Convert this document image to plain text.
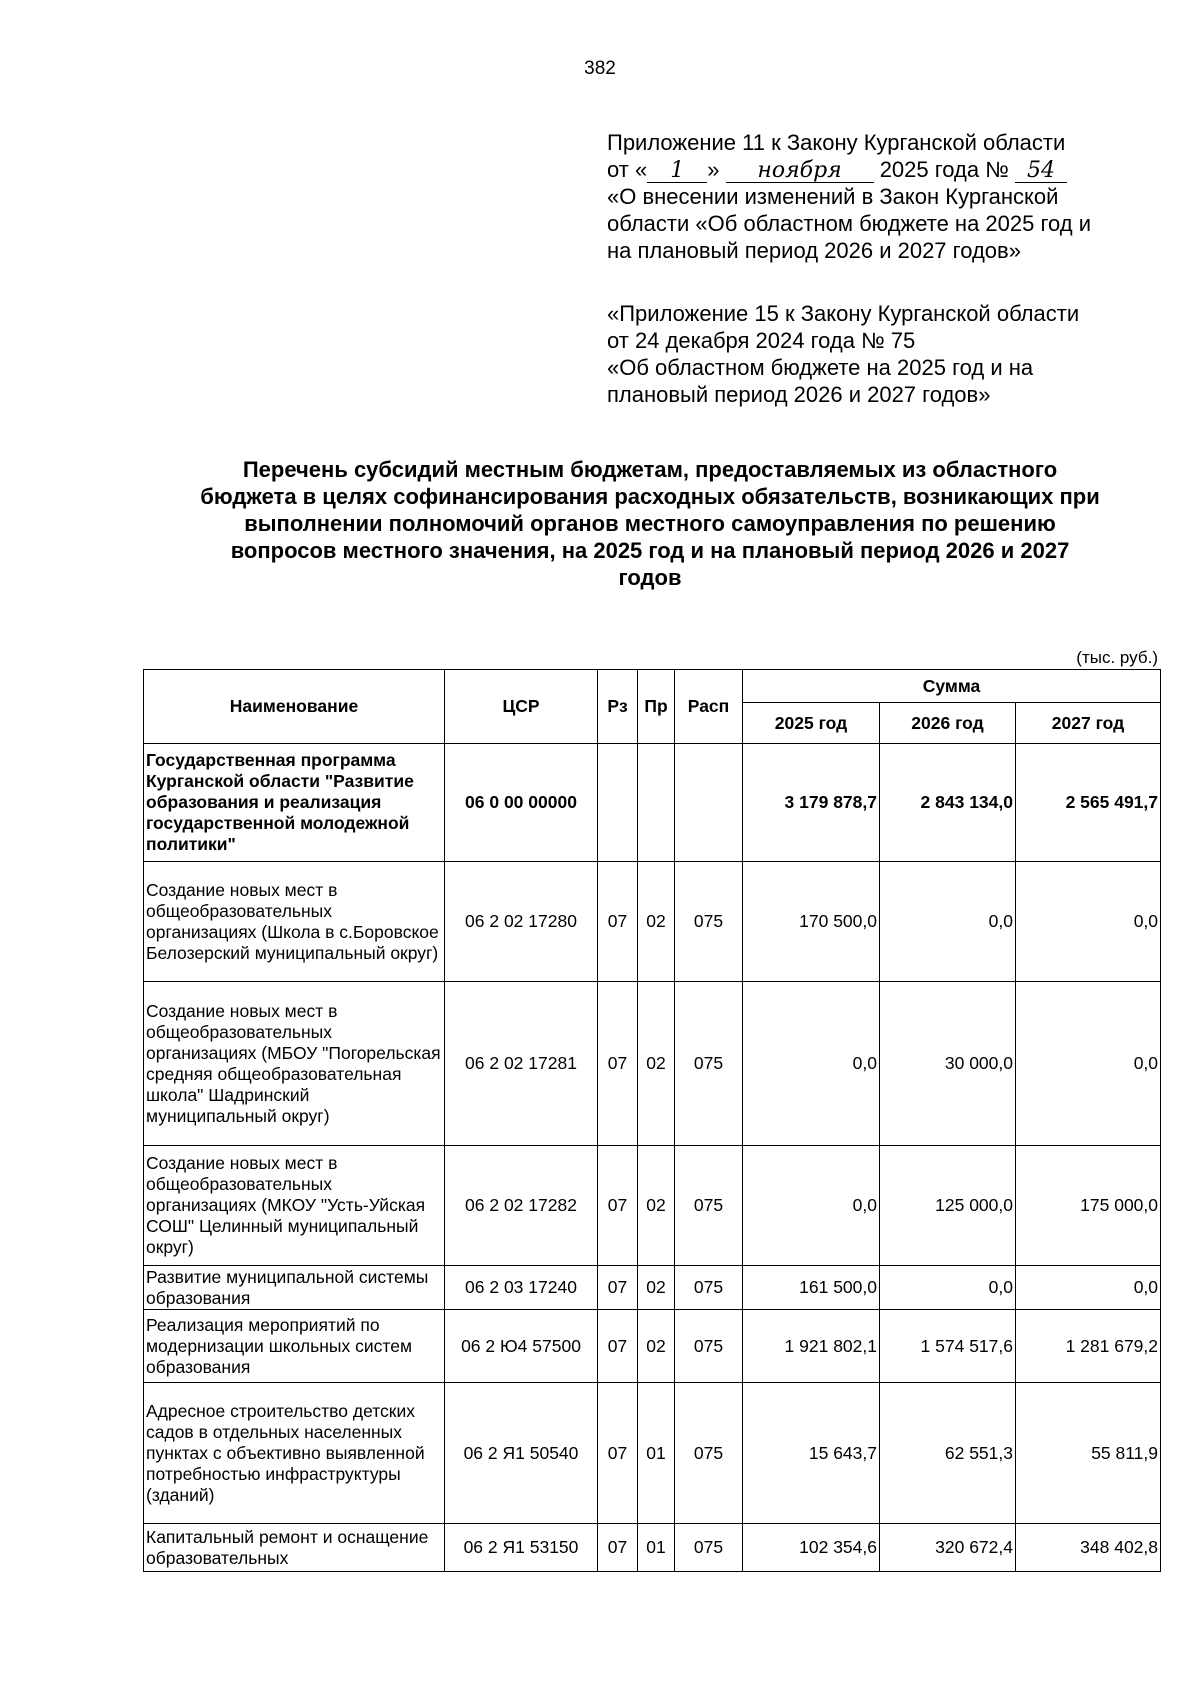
382
Приложение 11 к Закону Курганской области
от « 1 » ноября 2025 года № 54
«О внесении изменений в Закон Курганской
области «Об областном бюджете на 2025 год и
на плановый период 2026 и 2027 годов»
«Приложение 15 к Закону Курганской области
от 24 декабря 2024 года № 75
«Об областном бюджете на 2025 год и на
плановый период 2026 и 2027 годов»
Перечень субсидий местным бюджетам, предоставляемых из областного
бюджета в целях софинансирования расходных обязательств, возникающих при
выполнении полномочий органов местного самоуправления по решению
вопросов местного значения, на 2025 год и на плановый период 2026 и 2027
годов
(тыс. руб.)
Наименование	ЦСР	Рз	Пр	Расп	Сумма		
					2025 год	2026 год	2027 год
Государственная программа Курганской области "Развитие образования и реализация государственной молодежной политики"	06 0 00 00000				3 179 878,7	2 843 134,0	2 565 491,7
Создание новых мест в общеобразовательных организациях (Школа в с.Боровское Белозерский муниципальный округ)	06 2 02 17280	07	02	075	170 500,0	0,0	0,0
Создание новых мест в общеобразовательных организациях (МБОУ "Погорельская средняя общеобразовательная школа" Шадринский муниципальный округ)	06 2 02 17281	07	02	075	0,0	30 000,0	0,0
Создание новых мест в общеобразовательных организациях (МКОУ "Усть-Уйская СОШ" Целинный муниципальный округ)	06 2 02 17282	07	02	075	0,0	125 000,0	175 000,0
Развитие муниципальной системы образования	06 2 03 17240	07	02	075	161 500,0	0,0	0,0
Реализация мероприятий по модернизации школьных систем образования	06 2 Ю4 57500	07	02	075	1 921 802,1	1 574 517,6	1 281 679,2
Адресное строительство детских садов в отдельных населенных пунктах с объективно выявленной потребностью инфраструктуры (зданий)	06 2 Я1 50540	07	01	075	15 643,7	62 551,3	55 811,9
Капитальный ремонт и оснащение образовательных	06 2 Я1 53150	07	01	075	102 354,6	320 672,4	348 402,8
